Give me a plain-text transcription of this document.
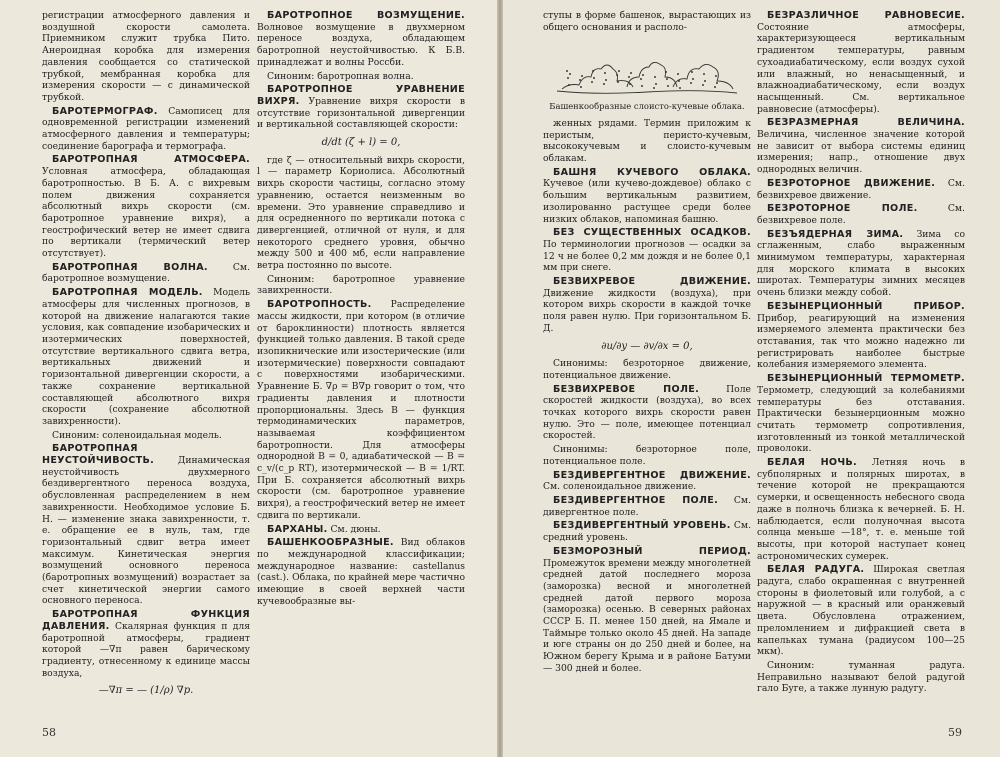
регистрации атмосферного давления и воздушной скорости самолета. Приемником служит трубка Пито. Анероидная коробка для измерения давления сообщается со статической трубкой, мембранная коробка для измерения скорости — с динамической трубкой.

БАРОТЕРМОГРАФ. Самописец для одновременной регистрации изменений атмосферного давления и температуры; соединение барографа и термографа.

БАРОТРОПНАЯ АТМОСФЕРА. Условная атмосфера, обладающая баротропностью. В Б. А. с вихревым полем движения сохраняется абсолютный вихрь скорости (см. баротропное уравнение вихря), а геострофический ветер не имеет сдвига по вертикали (термический ветер отсутствует).

БАРОТРОПНАЯ ВОЛНА. См. баротропное возмущение.

БАРОТРОПНАЯ МОДЕЛЬ. Модель атмосферы для численных прогнозов, в которой на движение налагаются такие условия, как совпадение изобарических и изотермических поверхностей, отсутствие вертикального сдвига ветра, вертикальных движений и горизонтальной дивергенции скорости, а также сохранение вертикальной составляющей абсолютного вихря скорости (сохранение абсолютной завихренности).

Синоним: соленоидальная модель.

БАРОТРОПНАЯ НЕУСТОЙЧИВОСТЬ. Динамическая неустойчивость двухмерного бездивергентного переноса воздуха, обусловленная распределением в нем завихренности. Необходимое условие Б. Н. — изменение знака завихренности, т. е. обращение ее в нуль, там, где горизонтальный сдвиг ветра имеет максимум. Кинетическая энергия возмущений основного переноса (баротропных возмущений) возрастает за счет кинетической энергии самого основного переноса.

БАРОТРОПНАЯ ФУНКЦИЯ ДАВЛЕНИЯ. Скалярная функция π для баротропной атмосферы, градиент которой —∇π равен барическому градиенту, отнесенному к единице массы воздуха,

—∇π = — (1/ρ) ∇p.

БАРОТРОПНОЕ ВОЗМУЩЕНИЕ. Волновое возмущение в двухмерном переносе воздуха, обладающем баротропной неустойчивостью. К Б.В. принадлежат и волны Россби.

Синоним: баротропная волна.

БАРОТРОПНОЕ УРАВНЕНИЕ ВИХРЯ. Уравнение вихря скорости в отсутствие горизонтальной дивергенции и вертикальной составляющей скорости:

d/dt (ζ + l) = 0,

где ζ — относительный вихрь скорости, l — параметр Кориолиса. Абсолютный вихрь скорости частицы, согласно этому уравнению, остается неизменным во времени. Это уравнение справедливо и для осредненного по вертикали потока с дивергенцией, отличной от нуля, и для некоторого среднего уровня, обычно между 500 и 400 мб, если направление ветра постоянно по высоте.

Синоним: баротропное уравнение завихренности.

БАРОТРОПНОСТЬ. Распределение массы жидкости, при котором (в отличие от бароклинности) плотность является функцией только давления. В такой среде изопикнические или изостерические (или изотермические) поверхности совпадают с поверхностями изобарическими. Уравнение Б. ∇ρ = B∇p говорит о том, что градиенты давления и плотности пропорциональны. Здесь B — функция термодинамических параметров, называемая коэффициентом баротропности. Для атмосферы однородной B = 0, адиабатической — B = c_v/(c_p RT), изотермической — B = 1/RT. При Б. сохраняется абсолютный вихрь скорости (см. баротропное уравнение вихря), а геострофический ветер не имеет сдвига по вертикали.

БАРХАНЫ. См. дюны.

БАШЕНКООБРАЗНЫЕ. Вид облаков по международной классификации; международное название: castellanus (cast.). Облака, по крайней мере частично имеющие в своей верхней части кучевообразные вы-

58

ступы в форме башенок, вырастающих из общего основания и располо-

Башенкообразные слоисто-кучевые облака.

женных рядами. Термин приложим к перистым, перисто-кучевым, высококучевым и слоисто-кучевым облакам.

БАШНЯ КУЧЕВОГО ОБЛАКА. Кучевое (или кучево-дождевое) облако с большим вертикальным развитием, изолированно растущее среди более низких облаков, напоминая башню.

БЕЗ СУЩЕСТВЕННЫХ ОСАДКОВ. По терминологии прогнозов — осадки за 12 ч не более 0,2 мм дождя и не более 0,1 мм при снеге.

БЕЗВИХРЕВОЕ ДВИЖЕНИЕ. Движение жидкости (воздуха), при котором вихрь скорости в каждой точке поля равен нулю. При горизонтальном Б. Д.

∂u/∂y — ∂v/∂x = 0,

Синонимы: безроторное движение, потенциальное движение.

БЕЗВИХРЕВОЕ ПОЛЕ. Поле скоростей жидкости (воздуха), во всех точках которого вихрь скорости равен нулю. Это — поле, имеющее потенциал скоростей.

Синонимы: безроторное поле, потенциальное поле.

БЕЗДИВЕРГЕНТНОЕ ДВИЖЕНИЕ. См. соленоидальное движение.

БЕЗДИВЕРГЕНТНОЕ ПОЛЕ. См. дивергентное поле.

БЕЗДИВЕРГЕНТНЫЙ УРОВЕНЬ. См. средний уровень.

БЕЗМОРОЗНЫЙ ПЕРИОД. Промежуток времени между многолетней средней датой последнего мороза (заморозка) весной и многолетней средней датой первого мороза (заморозка) осенью. В северных районах СССР Б. П. менее 150 дней, на Ямале и Таймыре только около 45 дней. На западе и юге страны он до 250 дней и более, на Южном берегу Крыма и в районе Батуми — 300 дней и более.

БЕЗРАЗЛИЧНОЕ РАВНОВЕСИЕ. Состояние атмосферы, характеризующееся вертикальным градиентом температуры, равным сухоадиабатическому, если воздух сухой или влажный, но ненасыщенный, и влажноадиабатическому, если воздух насыщенный. См. вертикальное равновесие (атмосферы).

БЕЗРАЗМЕРНАЯ ВЕЛИЧИНА. Величина, численное значение которой не зависит от выбора системы единиц измерения; напр., отношение двух однородных величин.

БЕЗРОТОРНОЕ ДВИЖЕНИЕ. См. безвихревое движение.

БЕЗРОТОРНОЕ ПОЛЕ. См. безвихревое поле.

БЕЗЪЯДЕРНАЯ ЗИМА. Зима со сглаженным, слабо выраженным минимумом температуры, характерная для морского климата в высоких широтах. Температуры зимних месяцев очень близки между собой.

БЕЗЫНЕРЦИОННЫЙ ПРИБОР. Прибор, реагирующий на изменения измеряемого элемента практически без отставания, так что можно надежно ли регистрировать наиболее быстрые колебания измеряемого элемента.

БЕЗЫНЕРЦИОННЫЙ ТЕРМОМЕТР. Термометр, следующий за колебаниями температуры без отставания. Практически безынерционным можно считать термометр сопротивления, изготовленный из тонкой металлической проволоки.

БЕЛАЯ НОЧЬ. Летняя ночь в субполярных и полярных широтах, в течение которой не прекращаются сумерки, и освещенность небесного свода даже в полночь близка к вечерней. Б. Н. наблюдается, если полуночная высота солнца меньше —18°, т. е. меньше той высоты, при которой наступает конец астрономических сумерек.

БЕЛАЯ РАДУГА. Широкая светлая радуга, слабо окрашенная с внутренней стороны в фиолетовый или голубой, а с наружной — в красный или оранжевый цвета. Обусловлена отражением, преломлением и дифракцией света в капельках тумана (радиусом 100—25 мкм).

Синоним: туманная радуга. Неправильно называют белой радугой гало Буге, а также лунную радугу.

59
